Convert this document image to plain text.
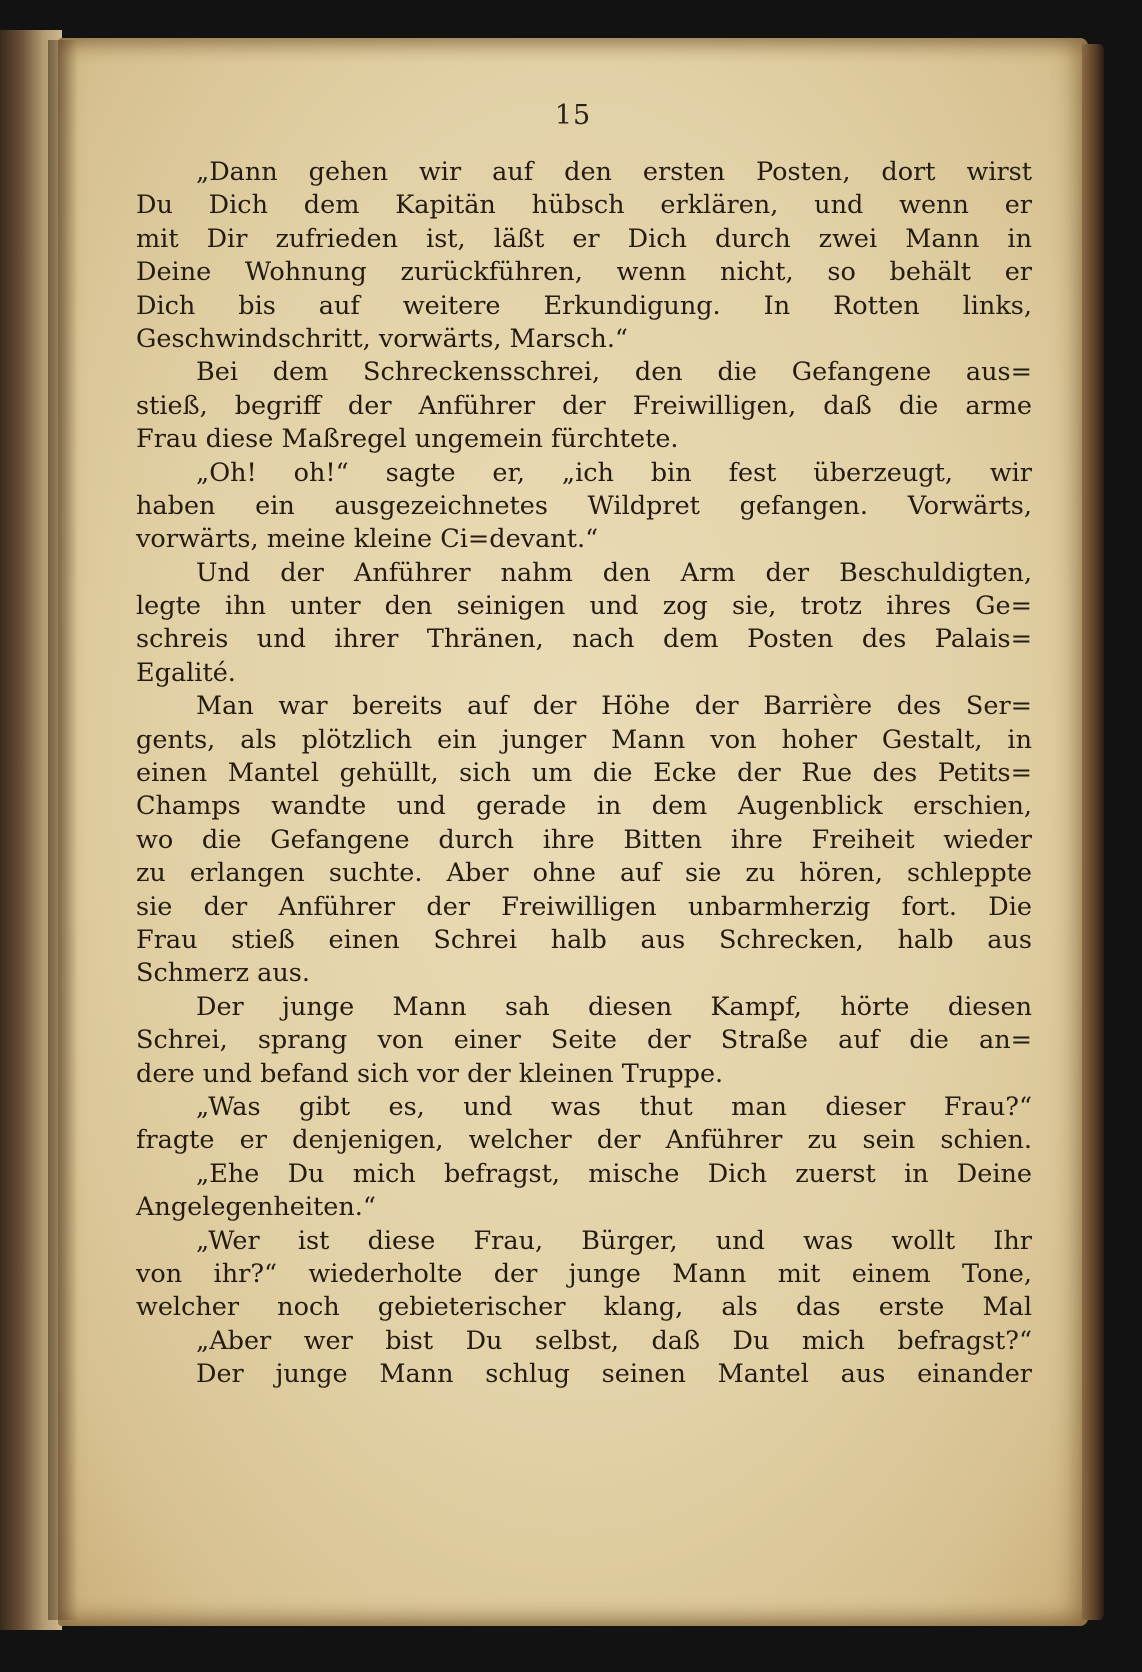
15
„Dann gehen wir auf den ersten Posten, dort wirst
Du Dich dem Kapitän hübsch erklären, und wenn er
mit Dir zufrieden ist, läßt er Dich durch zwei Mann in
Deine Wohnung zurückführen, wenn nicht, so behält er
Dich bis auf weitere Erkundigung. In Rotten links,
Geschwindschritt, vorwärts, Marsch.“
Bei dem Schreckensschrei, den die Gefangene aus=
stieß, begriff der Anführer der Freiwilligen, daß die arme
Frau diese Maßregel ungemein fürchtete.
„Oh! oh!“ sagte er, „ich bin fest überzeugt, wir
haben ein ausgezeichnetes Wildpret gefangen. Vorwärts,
vorwärts, meine kleine Ci=devant.“
Und der Anführer nahm den Arm der Beschuldigten,
legte ihn unter den seinigen und zog sie, trotz ihres Ge=
schreis und ihrer Thränen, nach dem Posten des Palais=
Egalité.
Man war bereits auf der Höhe der Barrière des Ser=
gents, als plötzlich ein junger Mann von hoher Gestalt, in
einen Mantel gehüllt, sich um die Ecke der Rue des Petits=
Champs wandte und gerade in dem Augenblick erschien,
wo die Gefangene durch ihre Bitten ihre Freiheit wieder
zu erlangen suchte. Aber ohne auf sie zu hören, schleppte
sie der Anführer der Freiwilligen unbarmherzig fort. Die
Frau stieß einen Schrei halb aus Schrecken, halb aus
Schmerz aus.
Der junge Mann sah diesen Kampf, hörte diesen
Schrei, sprang von einer Seite der Straße auf die an=
dere und befand sich vor der kleinen Truppe.
„Was gibt es, und was thut man dieser Frau?“
fragte er denjenigen, welcher der Anführer zu sein schien.
„Ehe Du mich befragst, mische Dich zuerst in Deine
Angelegenheiten.“
„Wer ist diese Frau, Bürger, und was wollt Ihr
von ihr?“ wiederholte der junge Mann mit einem Tone,
welcher noch gebieterischer klang, als das erste Mal
„Aber wer bist Du selbst, daß Du mich befragst?“
Der junge Mann schlug seinen Mantel aus einander
